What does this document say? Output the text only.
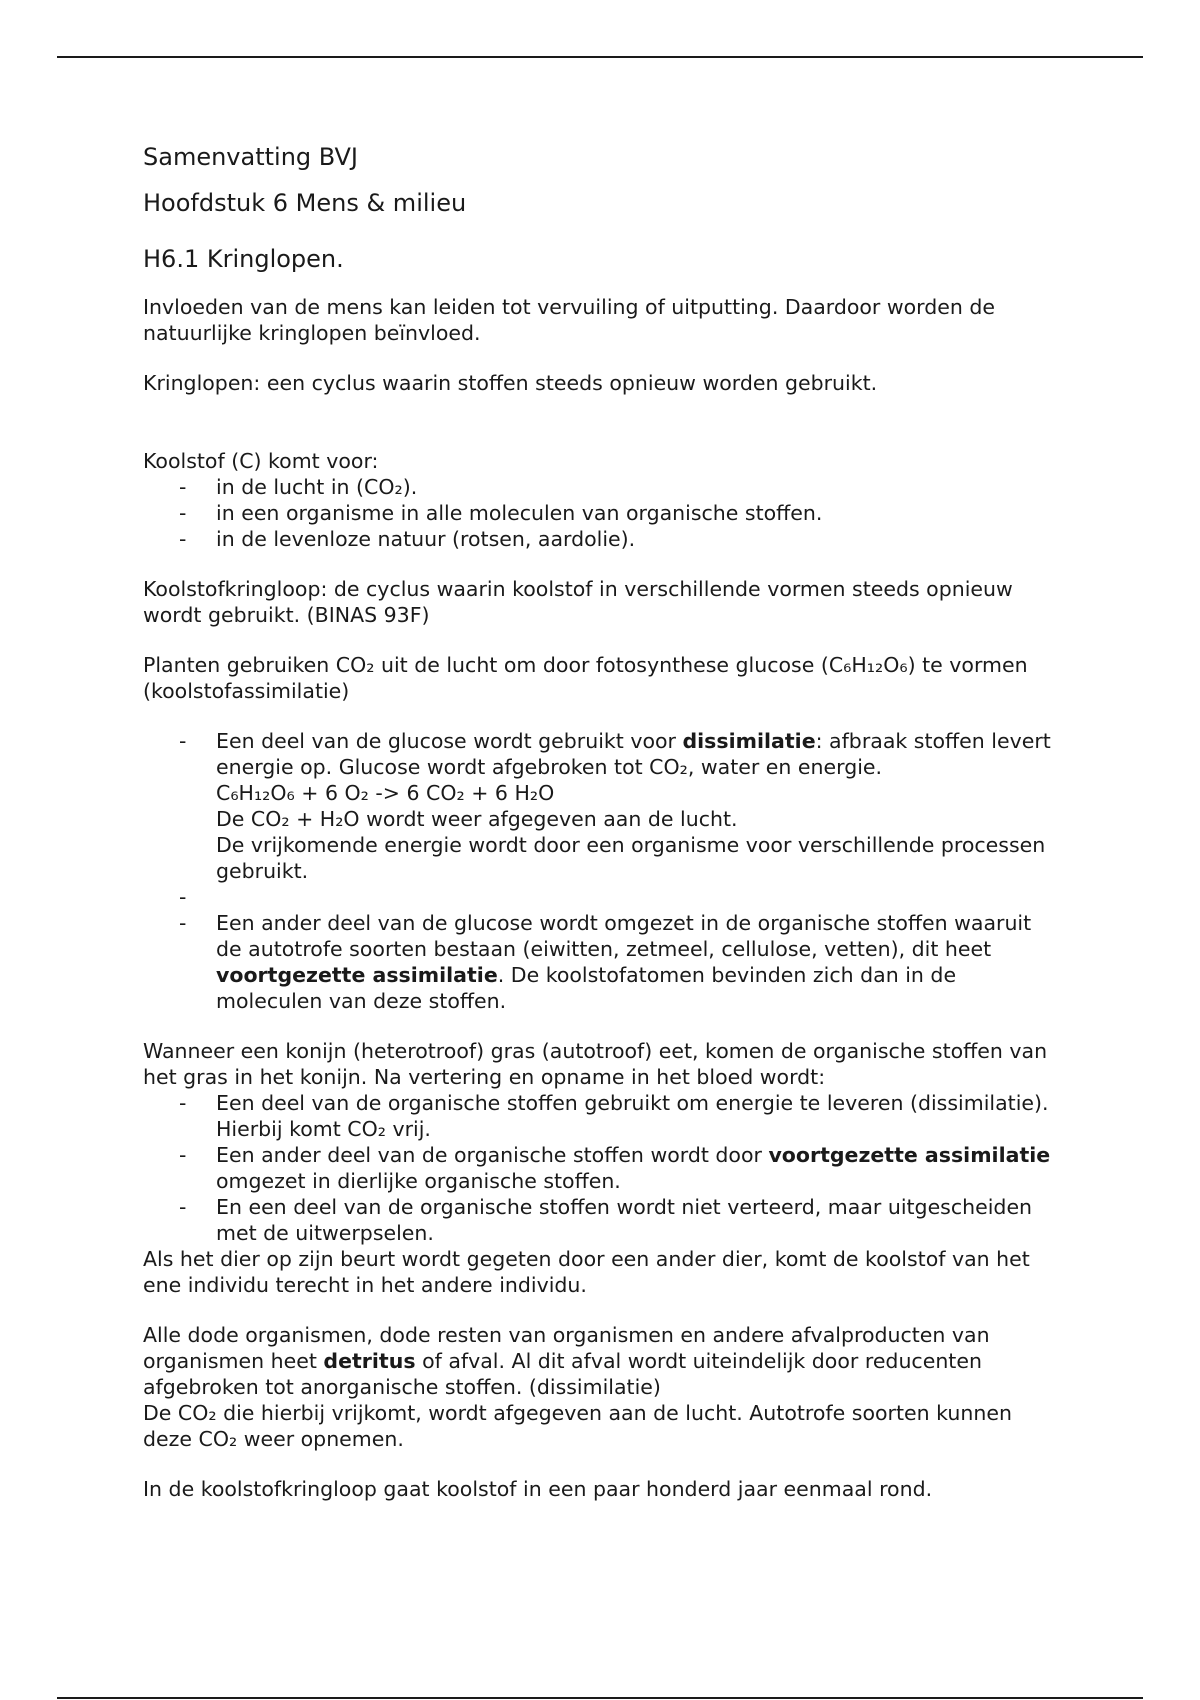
Samenvatting BVJ
Hoofdstuk 6 Mens & milieu
H6.1 Kringlopen.

Invloeden van de mens kan leiden tot vervuiling of uitputting. Daardoor worden de natuurlijke kringlopen beïnvloed.

Kringlopen: een cyclus waarin stoffen steeds opnieuw worden gebruikt.

Koolstof (C) komt voor:

- in de lucht in (CO₂).
- in een organisme in alle moleculen van organische stoffen.
- in de levenloze natuur (rotsen, aardolie).

Koolstofkringloop: de cyclus waarin koolstof in verschillende vormen steeds opnieuw wordt gebruikt. (BINAS 93F)

Planten gebruiken CO₂ uit de lucht om door fotosynthese glucose (C₆H₁₂O₆) te vormen (koolstofassimilatie)

- Een deel van de glucose wordt gebruikt voor dissimilatie: afbraak stoffen levert energie op. Glucose wordt afgebroken tot CO₂, water en energie.
C₆H₁₂O₆ + 6 O₂ -> 6 CO₂ + 6 H₂O
De CO₂ + H₂O wordt weer afgegeven aan de lucht.
De vrijkomende energie wordt door een organisme voor verschillende processen gebruikt.
-
- Een ander deel van de glucose wordt omgezet in de organische stoffen waaruit de autotrofe soorten bestaan (eiwitten, zetmeel, cellulose, vetten), dit heet voortgezette assimilatie. De koolstofatomen bevinden zich dan in de moleculen van deze stoffen.

Wanneer een konijn (heterotroof) gras (autotroof) eet, komen de organische stoffen van het gras in het konijn. Na vertering en opname in het bloed wordt:

- Een deel van de organische stoffen gebruikt om energie te leveren (dissimilatie). Hierbij komt CO₂ vrij.
- Een ander deel van de organische stoffen wordt door voortgezette assimilatie omgezet in dierlijke organische stoffen.
- En een deel van de organische stoffen wordt niet verteerd, maar uitgescheiden met de uitwerpselen.

Als het dier op zijn beurt wordt gegeten door een ander dier, komt de koolstof van het ene individu terecht in het andere individu.

Alle dode organismen, dode resten van organismen en andere afvalproducten van organismen heet detritus of afval. Al dit afval wordt uiteindelijk door reducenten afgebroken tot anorganische stoffen. (dissimilatie)

De CO₂ die hierbij vrijkomt, wordt afgegeven aan de lucht. Autotrofe soorten kunnen deze CO₂ weer opnemen.

In de koolstofkringloop gaat koolstof in een paar honderd jaar eenmaal rond.
